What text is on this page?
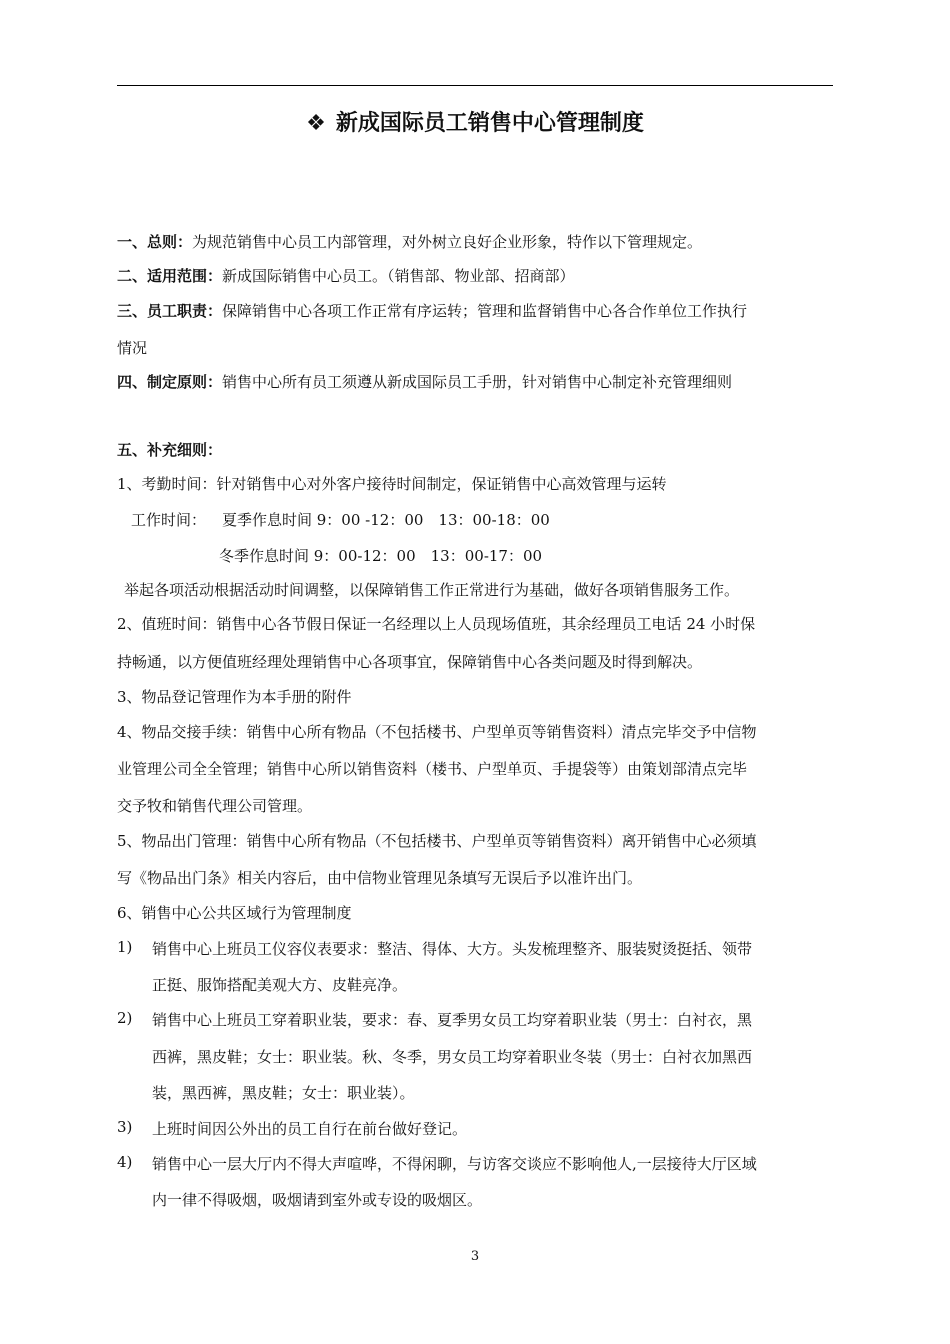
❖ 新成国际员工销售中心管理制度
一、总则：为规范销售中心员工内部管理，对外树立良好企业形象，特作以下管理规定。
二、适用范围：新成国际销售中心员工。（销售部、物业部、招商部）
三、员工职责：保障销售中心各项工作正常有序运转；管理和监督销售中心各合作单位工作执行
情况
四、制定原则：销售中心所有员工须遵从新成国际员工手册，针对销售中心制定补充管理细则
五、补充细则：
1、考勤时间：针对销售中心对外客户接待时间制定，保证销售中心高效管理与运转
工作时间： 夏季作息时间 9：00 -12：00　13：00-18：00
冬季作息时间 9：00-12：00　13：00-17：00
举起各项活动根据活动时间调整，以保障销售工作正常进行为基础，做好各项销售服务工作。
2、值班时间：销售中心各节假日保证一名经理以上人员现场值班，其余经理员工电话 24 小时保
持畅通，以方便值班经理处理销售中心各项事宜，保障销售中心各类问题及时得到解决。
3、物品登记管理作为本手册的附件
4、物品交接手续：销售中心所有物品（不包括楼书、户型单页等销售资料）清点完毕交予中信物
业管理公司全全管理；销售中心所以销售资料（楼书、户型单页、手提袋等）由策划部清点完毕
交予牧和销售代理公司管理。
5、物品出门管理：销售中心所有物品（不包括楼书、户型单页等销售资料）离开销售中心必须填
写《物品出门条》相关内容后，由中信物业管理见条填写无误后予以准许出门。
6、销售中心公共区域行为管理制度
1) 销售中心上班员工仪容仪表要求：整洁、得体、大方。头发梳理整齐、服装熨烫挺括、领带
正挺、服饰搭配美观大方、皮鞋亮净。
2) 销售中心上班员工穿着职业装，要求：春、夏季男女员工均穿着职业装（男士：白衬衣，黑
西裤，黑皮鞋；女士：职业装。秋、冬季，男女员工均穿着职业冬装（男士：白衬衣加黑西
装，黑西裤，黑皮鞋；女士：职业装）。
3) 上班时间因公外出的员工自行在前台做好登记。
4) 销售中心一层大厅内不得大声喧哗，不得闲聊，与访客交谈应不影响他人,一层接待大厅区域
内一律不得吸烟，吸烟请到室外或专设的吸烟区。
3
